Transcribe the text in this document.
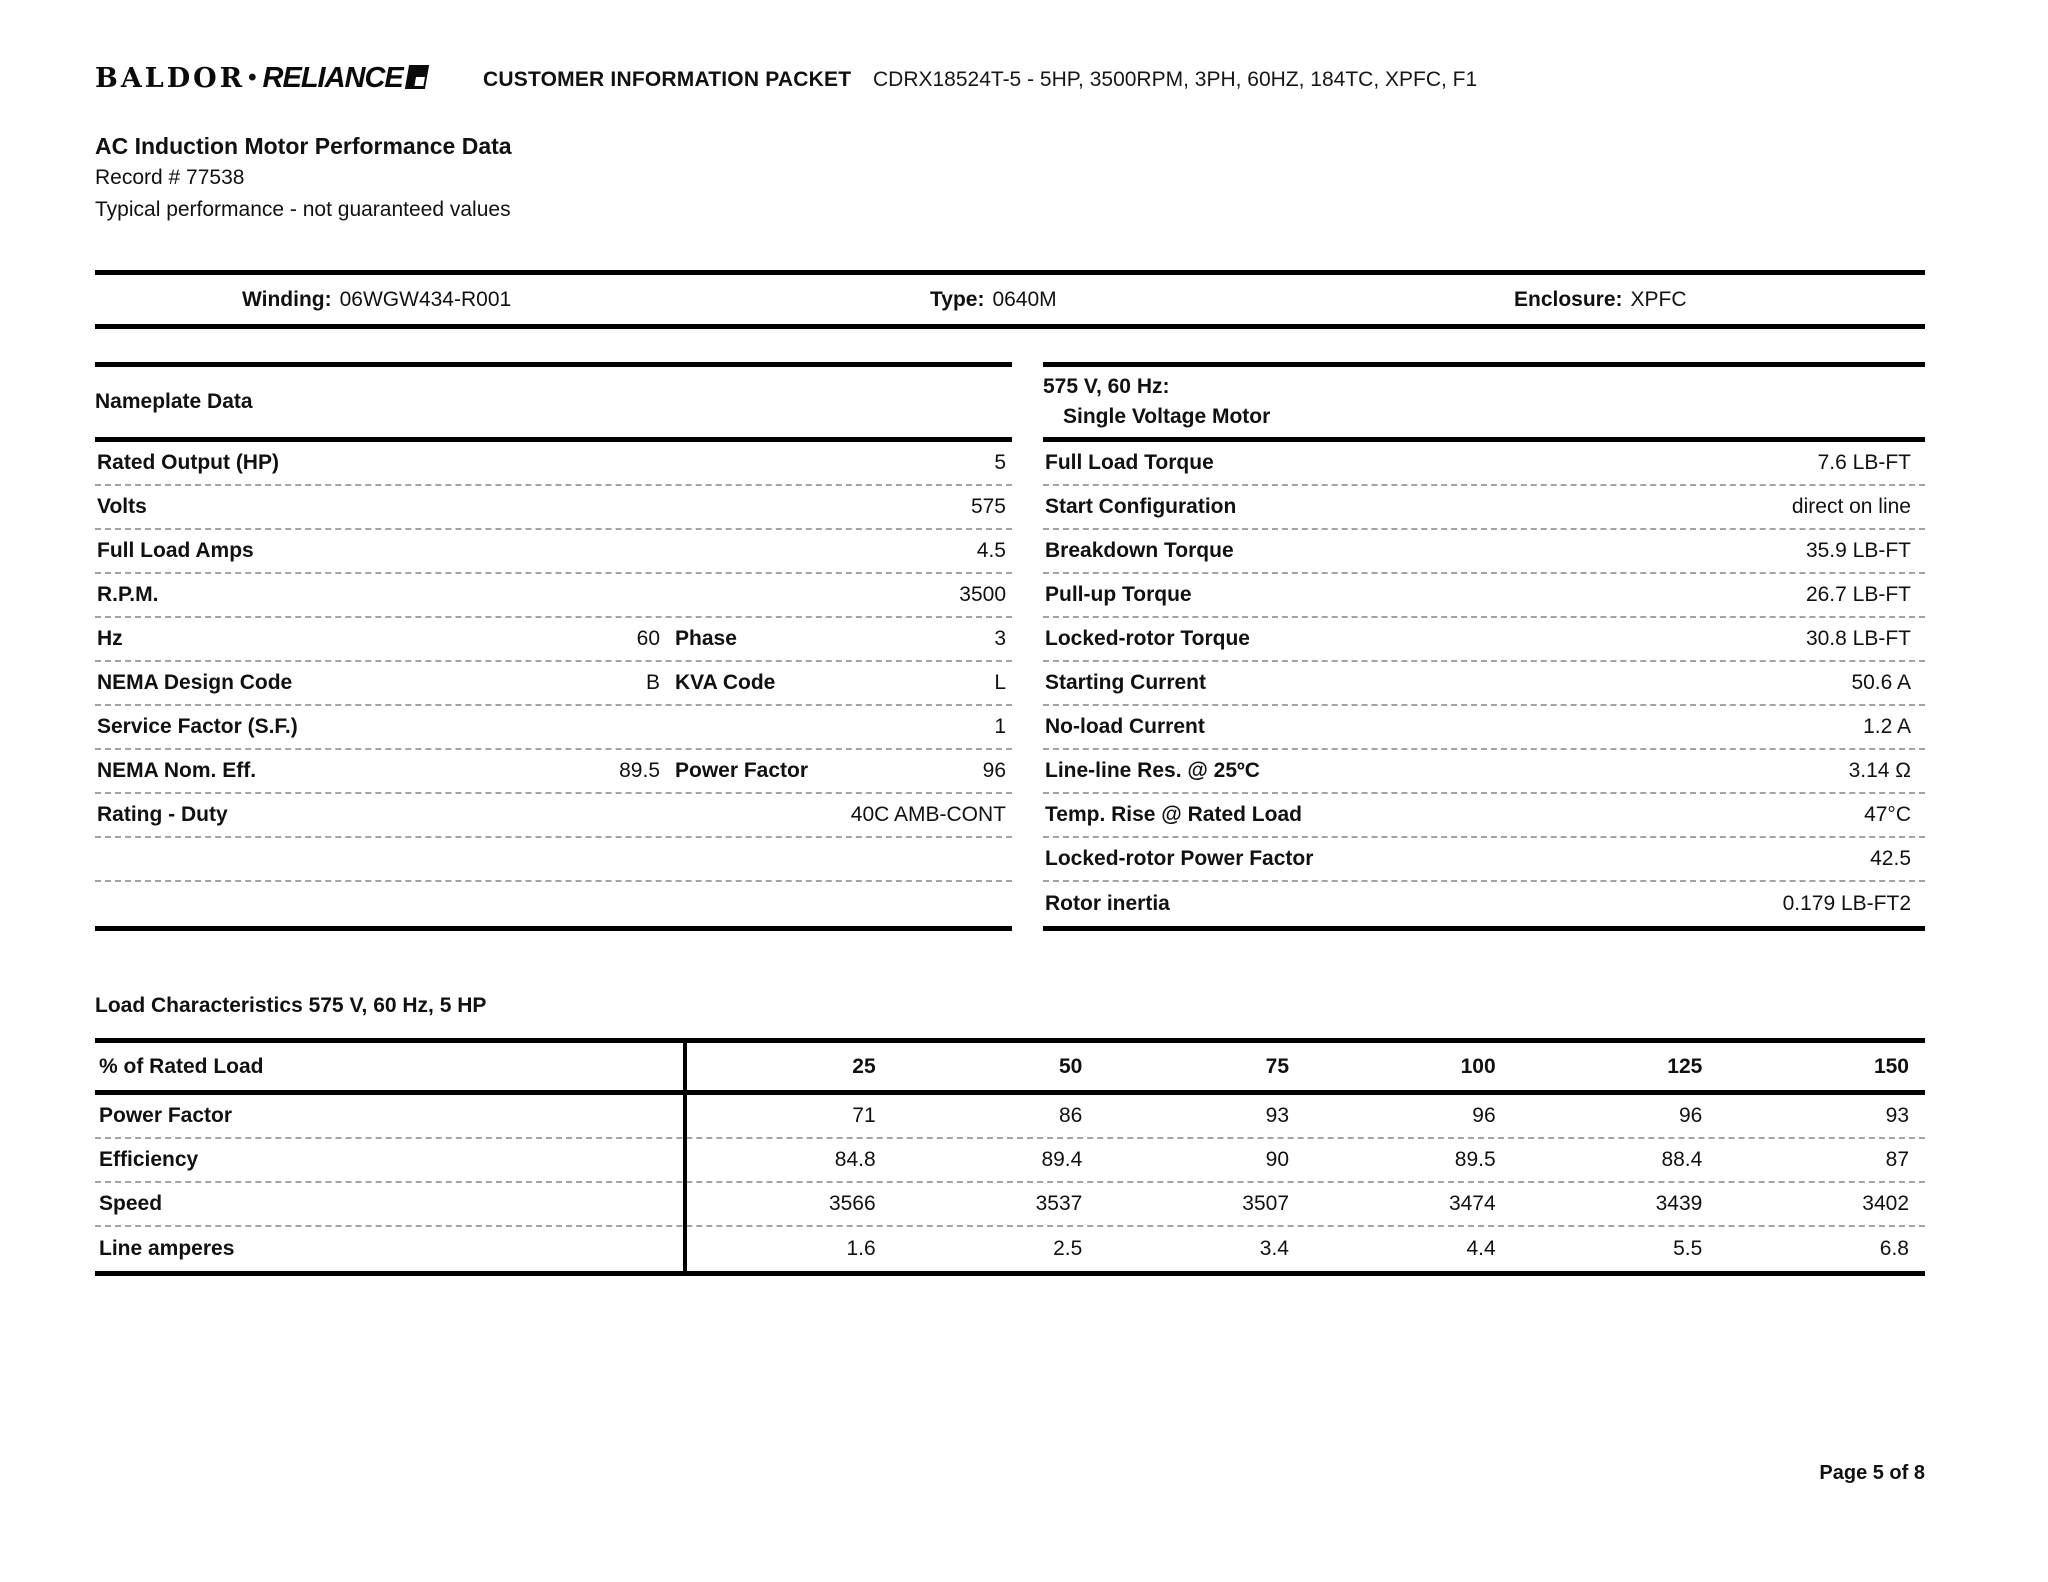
BALDOR • RELIANCE	CUSTOMER INFORMATION PACKET CDRX18524T-5 - 5HP, 3500RPM, 3PH, 60HZ, 184TC, XPFC, F1
AC Induction Motor Performance Data
Record # 77538
Typical performance - not guaranteed values
Winding: 06WGW434-R001	Type: 0640M	Enclosure: XPFC
Nameplate Data
Rated Output (HP)	5
Volts	575
Full Load Amps	4.5
R.P.M.	3500
Hz	60 Phase	3
NEMA Design Code	B KVA Code	L
Service Factor (S.F.)	1
NEMA Nom. Eff.	89.5 Power Factor	96
Rating - Duty	40C AMB-CONT
575 V, 60 Hz:
Single Voltage Motor
Full Load Torque	7.6 LB-FT
Start Configuration	direct on line
Breakdown Torque	35.9 LB-FT
Pull-up Torque	26.7 LB-FT
Locked-rotor Torque	30.8 LB-FT
Starting Current	50.6 A
No-load Current	1.2 A
Line-line Res. @ 25ºC	3.14 Ω
Temp. Rise @ Rated Load	47°C
Locked-rotor Power Factor	42.5
Rotor inertia	0.179 LB-FT2
Load Characteristics 575 V, 60 Hz, 5 HP
% of Rated Load	25	50	75	100	125	150
Power Factor	71	86	93	96	96	93
Efficiency	84.8	89.4	90	89.5	88.4	87
Speed	3566	3537	3507	3474	3439	3402
Line amperes	1.6	2.5	3.4	4.4	5.5	6.8
Page 5 of 8
